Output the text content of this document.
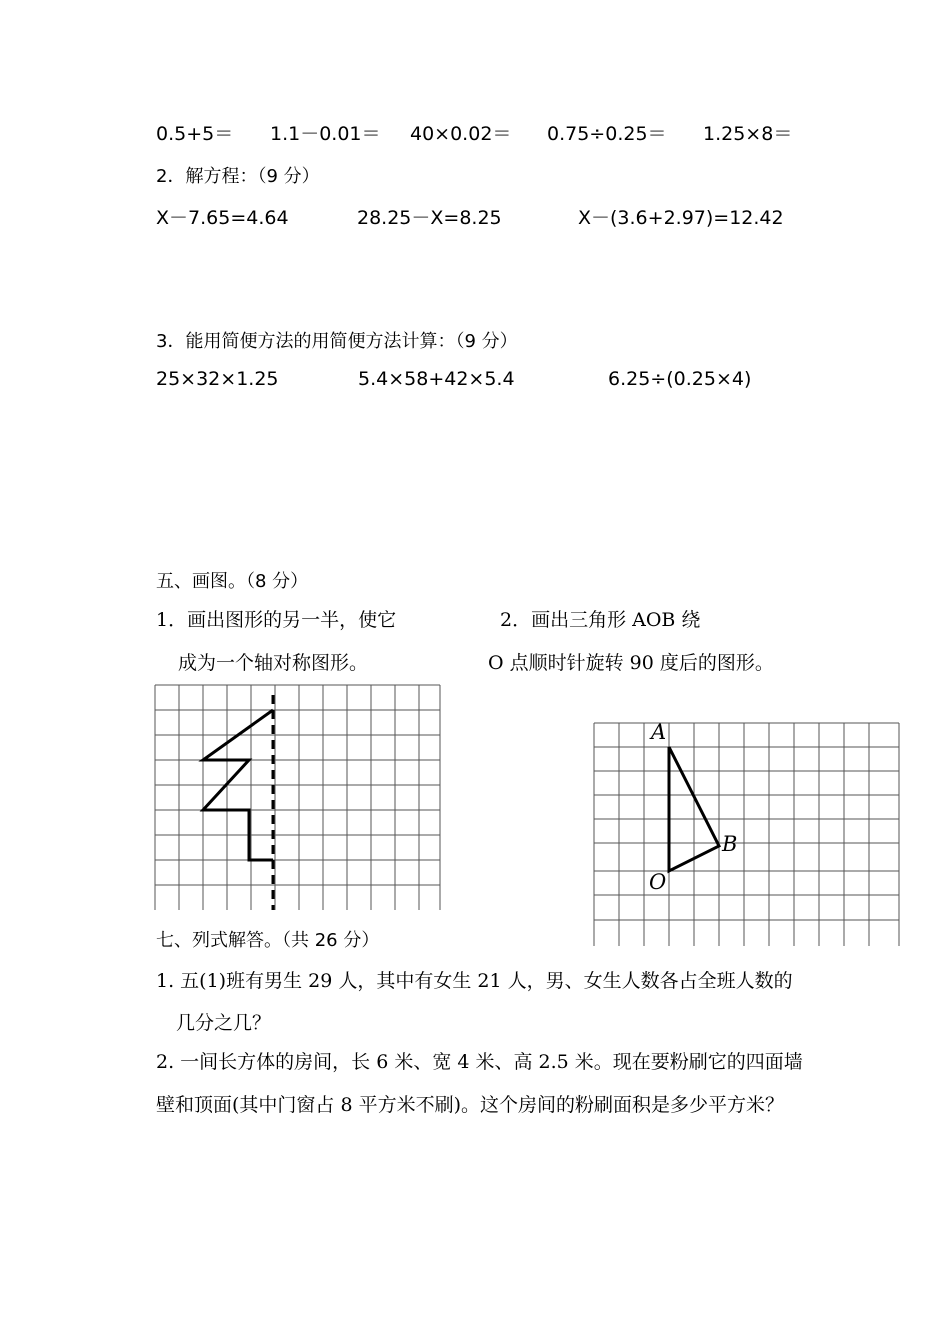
0.5+5＝ 1.1－0.01＝ 40×0.02＝ 0.75÷0.25＝ 1.25×8＝
2．解方程：（9 分）
X－7.65=4.64	28.25－X=8.25	X－(3.6+2.97)=12.42
3．能用简便方法的用简便方法计算：（9 分）
25×32×1.25	5.4×58+42×5.4	6.25÷(0.25×4)
五、画图。（8 分）
1．画出图形的另一半，使它
成为一个轴对称图形。
2．画出三角形 AOB 绕
O 点顺时针旋转 90 度后的图形。
A
B
O
七、列式解答。（共 26 分）
1. 五(1)班有男生 29 人，其中有女生 21 人，男、女生人数各占全班人数的
几分之几？
2. 一间长方体的房间，长 6 米、宽 4 米、高 2.5 米。现在要粉刷它的四面墙
壁和顶面(其中门窗占 8 平方米不刷)。这个房间的粉刷面积是多少平方米？
